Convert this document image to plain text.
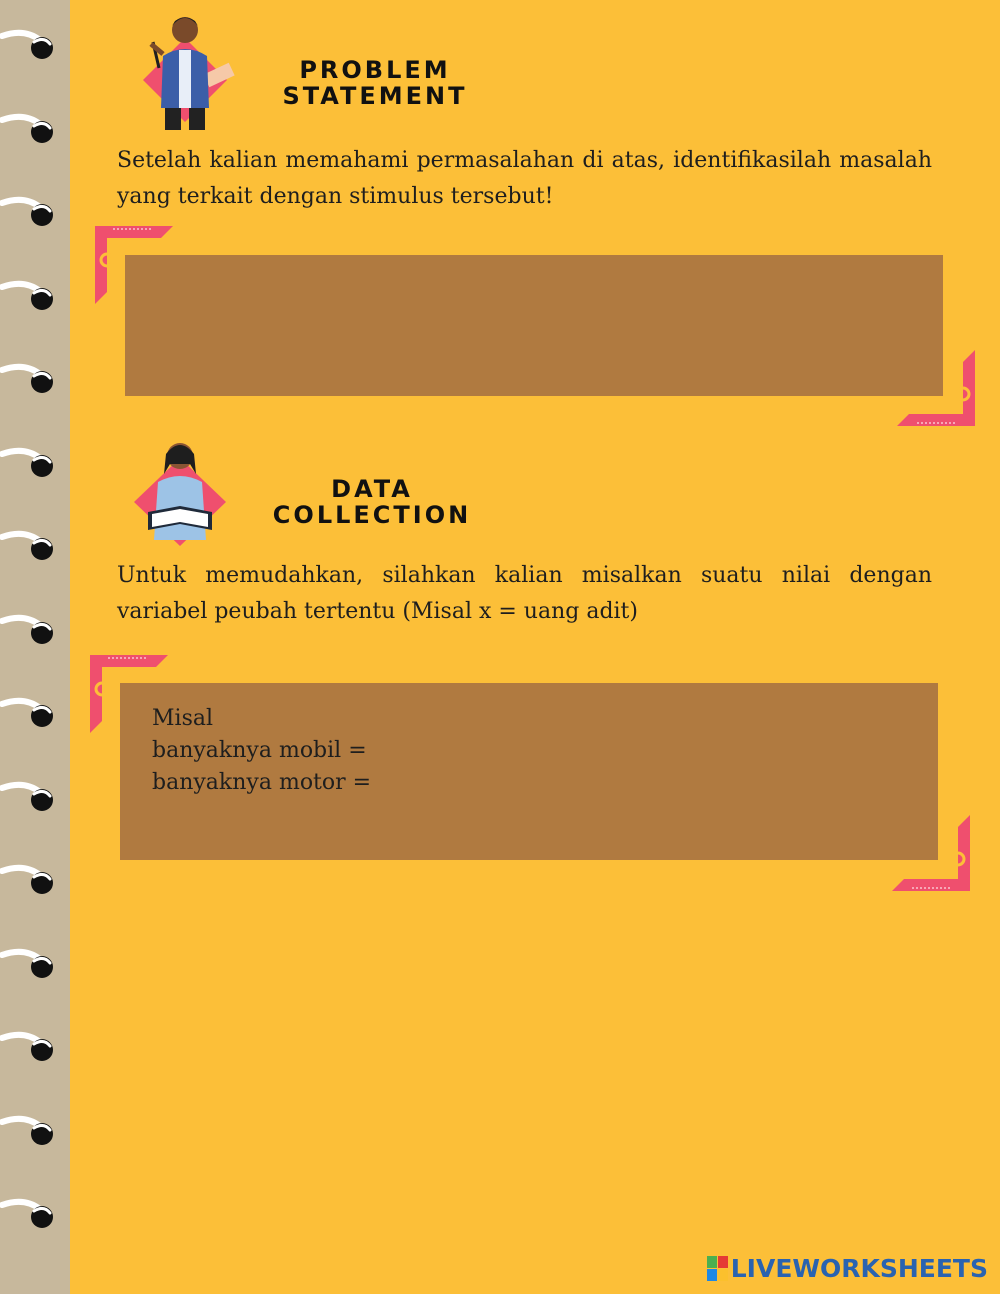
PROBLEM
STATEMENT
Setelah kalian memahami permasalahan di atas, identifikasilah masalah yang terkait dengan stimulus tersebut!
DATA
COLLECTION
Untuk memudahkan, silahkan kalian misalkan suatu nilai dengan variabel peubah tertentu (Misal x = uang adit)
Misal
banyaknya mobil =
banyaknya motor =
LIVEWORKSHEETS
